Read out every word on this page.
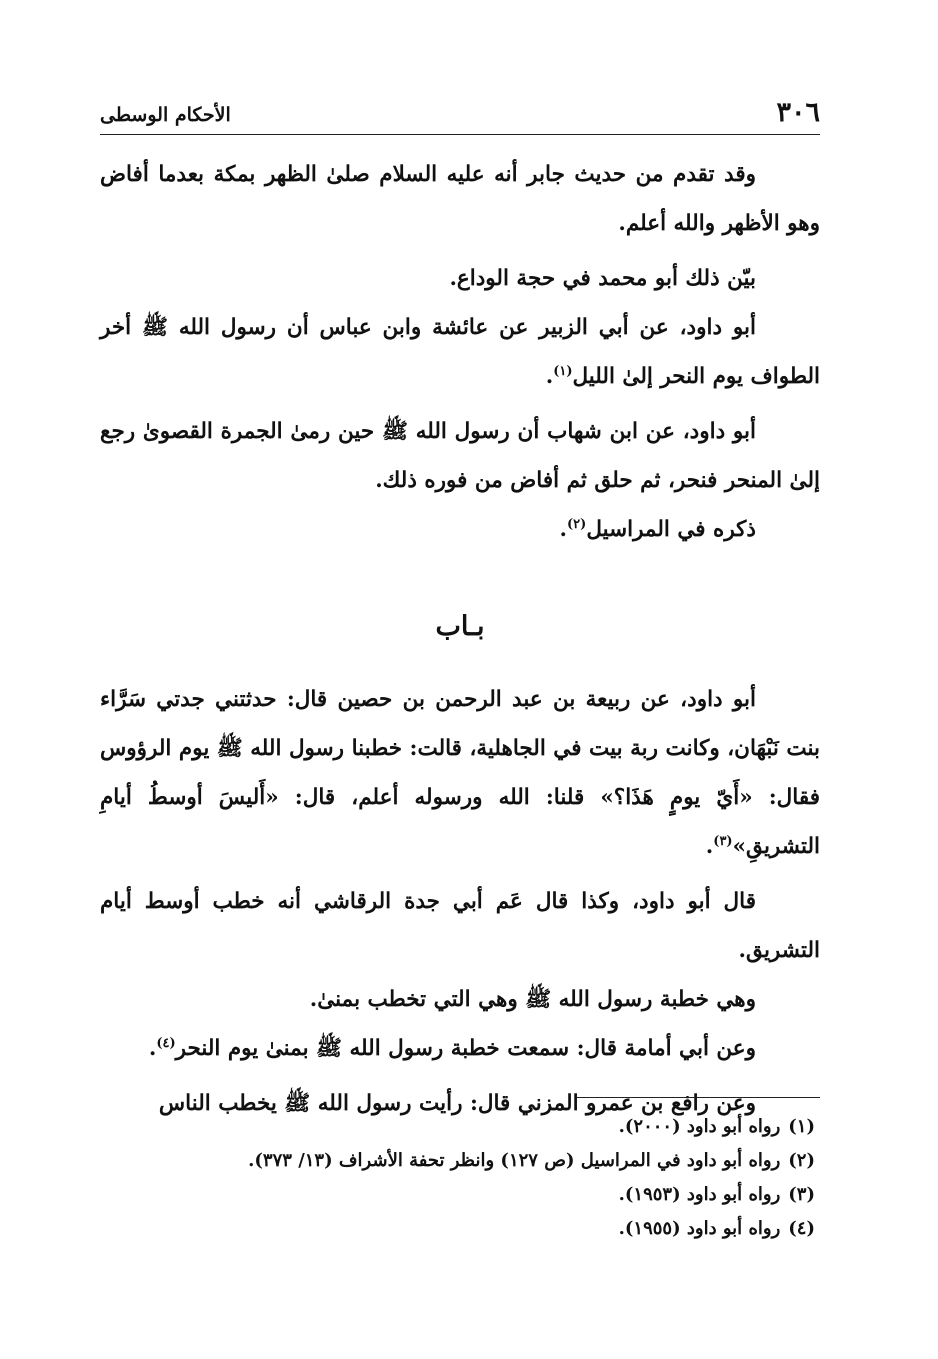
٣٠٦
الأحكام الوسطى

وقد تقدم من حديث جابر أنه عليه السلام صلىٰ الظهر بمكة بعدما أفاض وهو الأظهر والله أعلم.

بيّن ذلك أبو محمد في حجة الوداع.

أبو داود، عن أبي الزبير عن عائشة وابن عباس أن رسول الله ﷺ أخر الطواف يوم النحر إلىٰ الليل$^{(١)}$.

أبو داود، عن ابن شهاب أن رسول الله ﷺ حين رمىٰ الجمرة القصوىٰ رجع إلىٰ المنحر فنحر، ثم حلق ثم أفاض من فوره ذلك.

ذكره في المراسيل$^{(٢)}$.

بـاب

أبو داود، عن ربيعة بن عبد الرحمن بن حصين قال: حدثتني جدتي سَرَّاء بنت نَبْهَان، وكانت ربة بيت في الجاهلية، قالت: خطبنا رسول الله ﷺ يوم الرؤوس فقال: «أَيّ يومٍ هَذَا؟» قلنا: الله ورسوله أعلم، قال: «أَليسَ أوسطُ أيامِ التشريقِ»$^{(٣)}$.

قال أبو داود، وكذا قال عَم أبي جدة الرقاشي أنه خطب أوسط أيام التشريق.

وهي خطبة رسول الله ﷺ وهي التي تخطب بمنىٰ.

وعن أبي أمامة قال: سمعت خطبة رسول الله ﷺ بمنىٰ يوم النحر$^{(٤)}$.

وعن رافع بن عمرو المزني قال: رأيت رسول الله ﷺ يخطب الناس

(١)رواه أبو داود (٢٠٠٠).

(٢)رواه أبو داود في المراسيل (ص ١٢٧) وانظر تحفة الأشراف (١٣/ ٣٧٣).

(٣)رواه أبو داود (١٩٥٣).

(٤)رواه أبو داود (١٩٥٥).
